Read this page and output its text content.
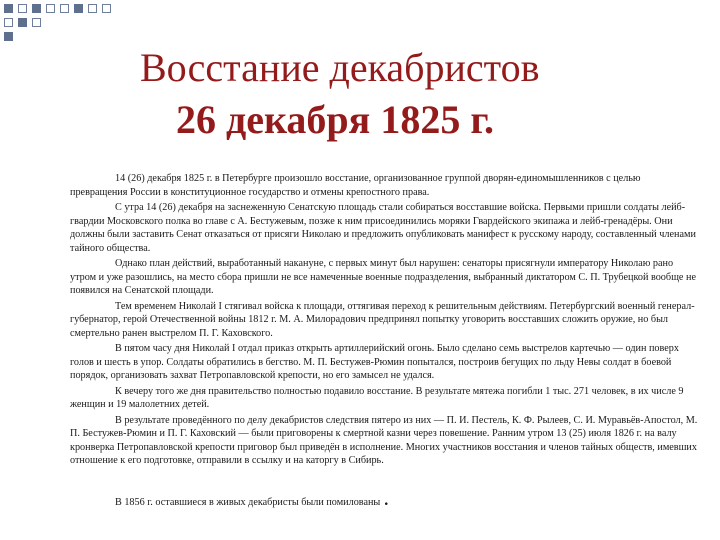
Восстание декабристов
26 декабря 1825 г.

14 (26) декабря 1825 г. в Петербурге произошло восстание, организованное группой дворян-единомышленников с целью превращения России в конституционное государство и отмены крепостного права.

С утра 14 (26) декабря на заснеженную Сенатскую площадь стали собираться восставшие войска. Первыми пришли солдаты лейб-гвардии Московского полка во главе с А. Бестужевым, позже к ним присоединились моряки Гвардейского экипажа и лейб-гренадёры. Они должны были заставить Сенат отказаться от присяги Николаю и предложить опубликовать манифест к русскому народу, составленный членами тайного общества.

Однако план действий, выработанный накануне, с первых минут был нарушен: сенаторы присягнули императору Николаю рано утром и уже разошлись, на место сбора пришли не все намеченные военные подразделения, выбранный диктатором С. П. Трубецкой вообще не появился на Сенатской площади.

Тем временем Николай I стягивал войска к площади, оттягивая переход к решительным действиям. Петербургский военный генерал-губернатор, герой Отечественной войны 1812 г. М. А. Милорадович предпринял попытку уговорить восставших сложить оружие, но был смертельно ранен выстрелом П. Г. Каховского.

В пятом часу дня Николай I отдал приказ открыть артиллерийский огонь. Было сделано семь выстрелов картечью — один поверх голов и шесть в упор. Солдаты обратились в бегство. М. П. Бестужев-Рюмин попытался, построив бегущих по льду Невы солдат в боевой порядок, организовать захват Петропавловской крепости, но его замысел не удался.

К вечеру того же дня правительство полностью подавило восстание. В результате мятежа погибли 1 тыс. 271 человек, в их числе 9 женщин и 19 малолетних детей.

В результате проведённого по делу декабристов следствия пятеро из них — П. И. Пестель, К. Ф. Рылеев, С. И. Муравьёв-Апостол, М. П. Бестужев-Рюмин и П. Г. Каховский — были приговорены к смертной казни через повешение. Ранним утром 13 (25) июля 1826 г. на валу кронверка Петропавловской крепости приговор был приведён в исполнение. Многих участников восстания и членов тайных обществ, имевших отношение к его подготовке, отправили в ссылку и на каторгу в Сибирь.

В 1856 г. оставшиеся в живых декабристы были помилованы .
